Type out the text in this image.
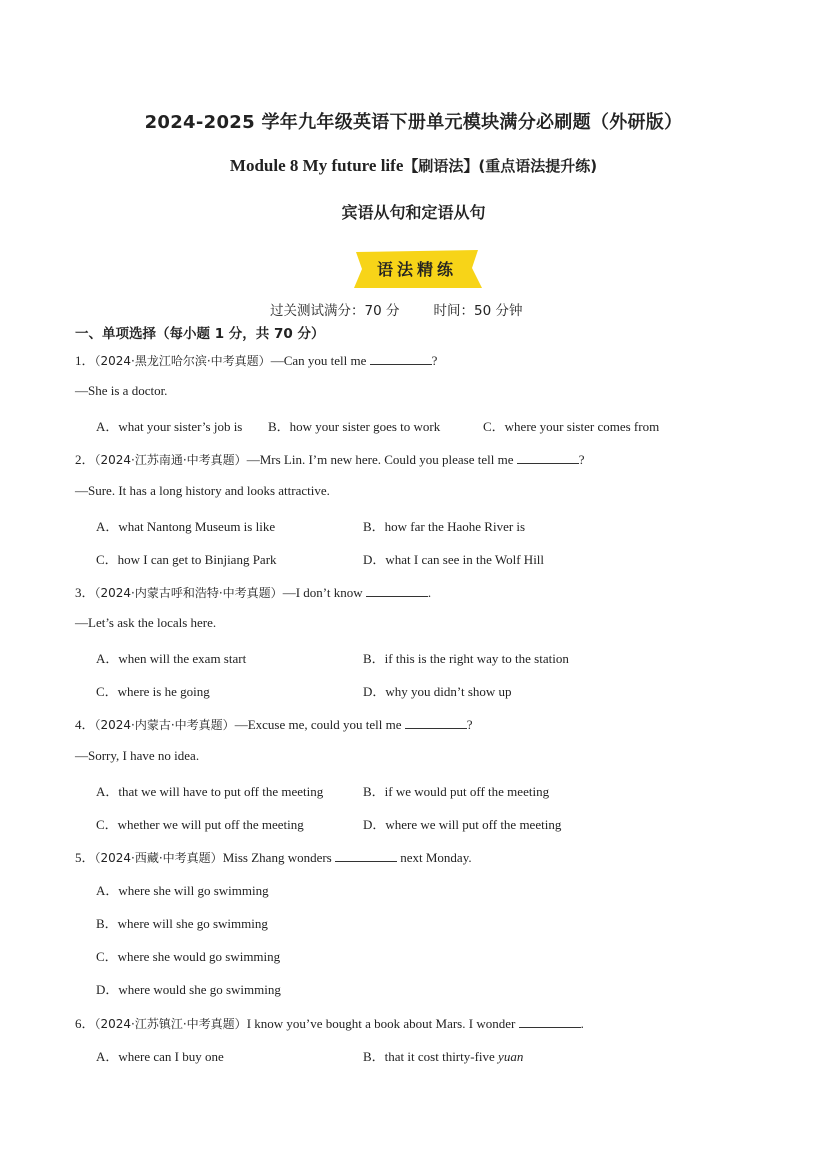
2024-2025 学年九年级英语下册单元模块满分必刷题（外研版）
Module 8 My future life【刷语法】(重点语法提升练)
宾语从句和定语从句
语法精练
过关测试满分：70 分	时间：50 分钟
一、单项选择（每小题 1 分，共 70 分）
1．（2024·黑龙江哈尔滨·中考真题）—Can you tell me	?
—She is a doctor.
A．what your sister’s job is B．how your sister goes to work	C．where your sister comes from
2．（2024·江苏南通·中考真题）—Mrs Lin. I’m new here. Could you please tell me	?
—Sure. It has a long history and looks attractive.
A．what Nantong Museum is like	B．how far the Haohe River is
C．how I can get to Binjiang Park	D．what I can see in the Wolf Hill
3．（2024·内蒙古呼和浩特·中考真题）—I don’t know	.
—Let’s ask the locals here.
A．when will the exam start	B．if this is the right way to the station
C．where is he going	D．why you didn’t show up
4．（2024·内蒙古·中考真题）—Excuse me, could you tell me	?
—Sorry, I have no idea.
A．that we will have to put off the meeting	B．if we would put off the meeting
C．whether we will put off the meeting	D．where we will put off the meeting
5．（2024·西藏·中考真题）Miss Zhang wonders	next Monday.
A．where she will go swimming
B．where will she go swimming
C．where she would go swimming
D．where would she go swimming
6．（2024·江苏镇江·中考真题）I know you’ve bought a book about Mars. I wonder	.
A．where can I buy one	B．that it cost thirty-five yuan
